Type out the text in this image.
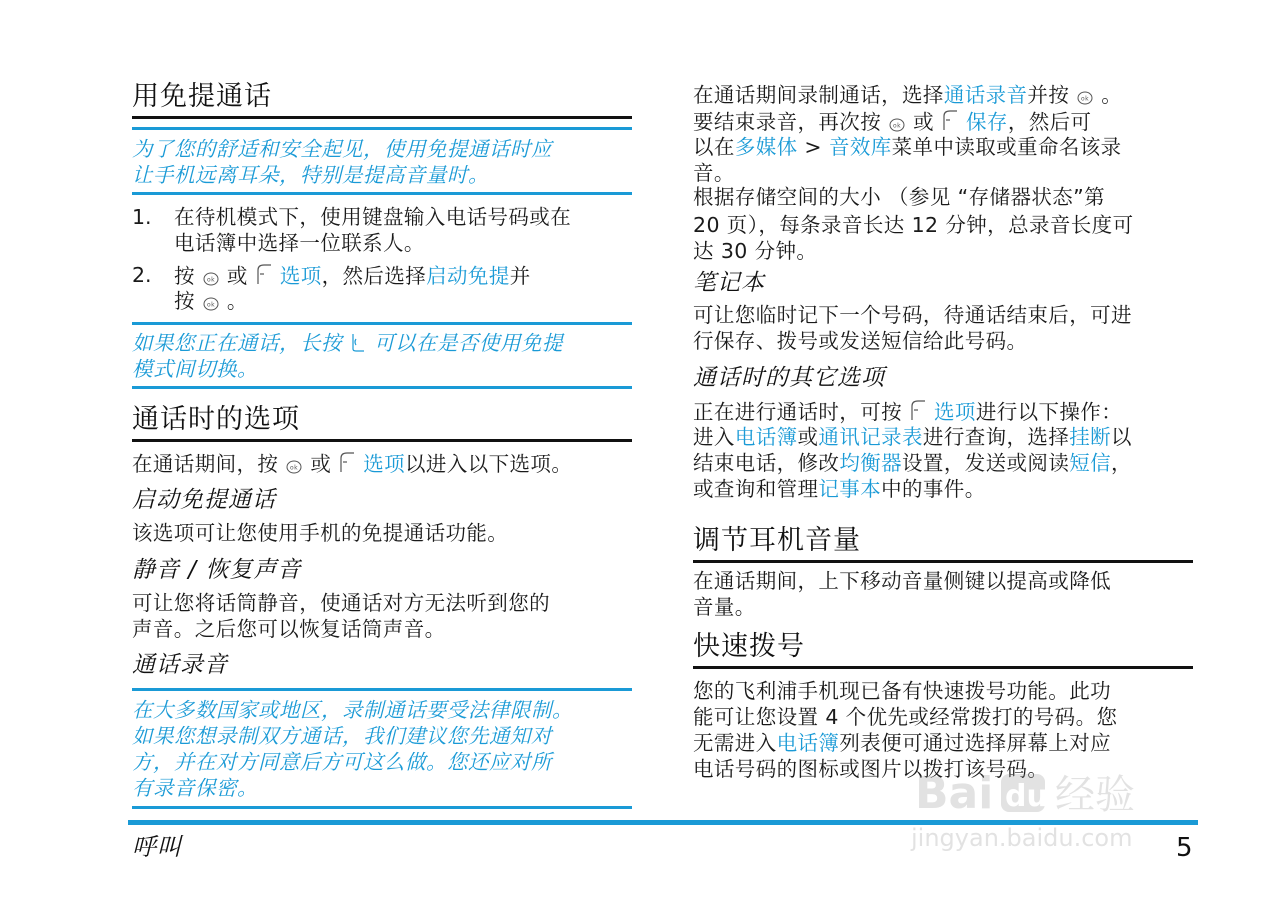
用免提通话
为了您的舒适和安全起见，使用免提通话时应
让手机远离耳朵，特别是提高音量时。
1. 在待机模式下，使用键盘输入电话号码或在
电话簿中选择一位联系人。
2. 按 ok 或 选项，然后选择启动免提并
按 ok 。
如果您正在通话，长按 可以在是否使用免提
模式间切换。
通话时的选项
在通话期间，按 ok 或 选项以进入以下选项。
启动免提通话
该选项可让您使用手机的免提通话功能。
静音 / 恢复声音
可让您将话筒静音，使通话对方无法听到您的
声音。之后您可以恢复话筒声音。
通话录音
在大多数国家或地区，录制通话要受法律限制。
如果您想录制双方通话，我们建议您先通知对
方，并在对方同意后方可这么做。您还应对所
有录音保密。
在通话期间录制通话，选择通话录音并按 ok 。
要结束录音，再次按 ok 或 保存，然后可
以在多媒体 > 音效库菜单中读取或重命名该录
音。
根据存储空间的大小 （参见 “存储器状态”第
20 页），每条录音长达 12 分钟，总录音长度可
达 30 分钟。
笔记本
可让您临时记下一个号码，待通话结束后，可进
行保存、拨号或发送短信给此号码。
通话时的其它选项
正在进行通话时，可按 选项进行以下操作：
进入电话簿或通讯记录表进行查询，选择挂断以
结束电话，修改均衡器设置，发送或阅读短信，
或查询和管理记事本中的事件。
调节耳机音量
在通话期间，上下移动音量侧键以提高或降低
音量。
快速拨号
您的飞利浦手机现已备有快速拨号功能。此功
能可让您设置 4 个优先或经常拨打的号码。您
无需进入电话簿列表便可通过选择屏幕上对应
电话号码的图标或图片以拨打该号码。
呼叫	5
Bai du 经验
jingyan.baidu.com
